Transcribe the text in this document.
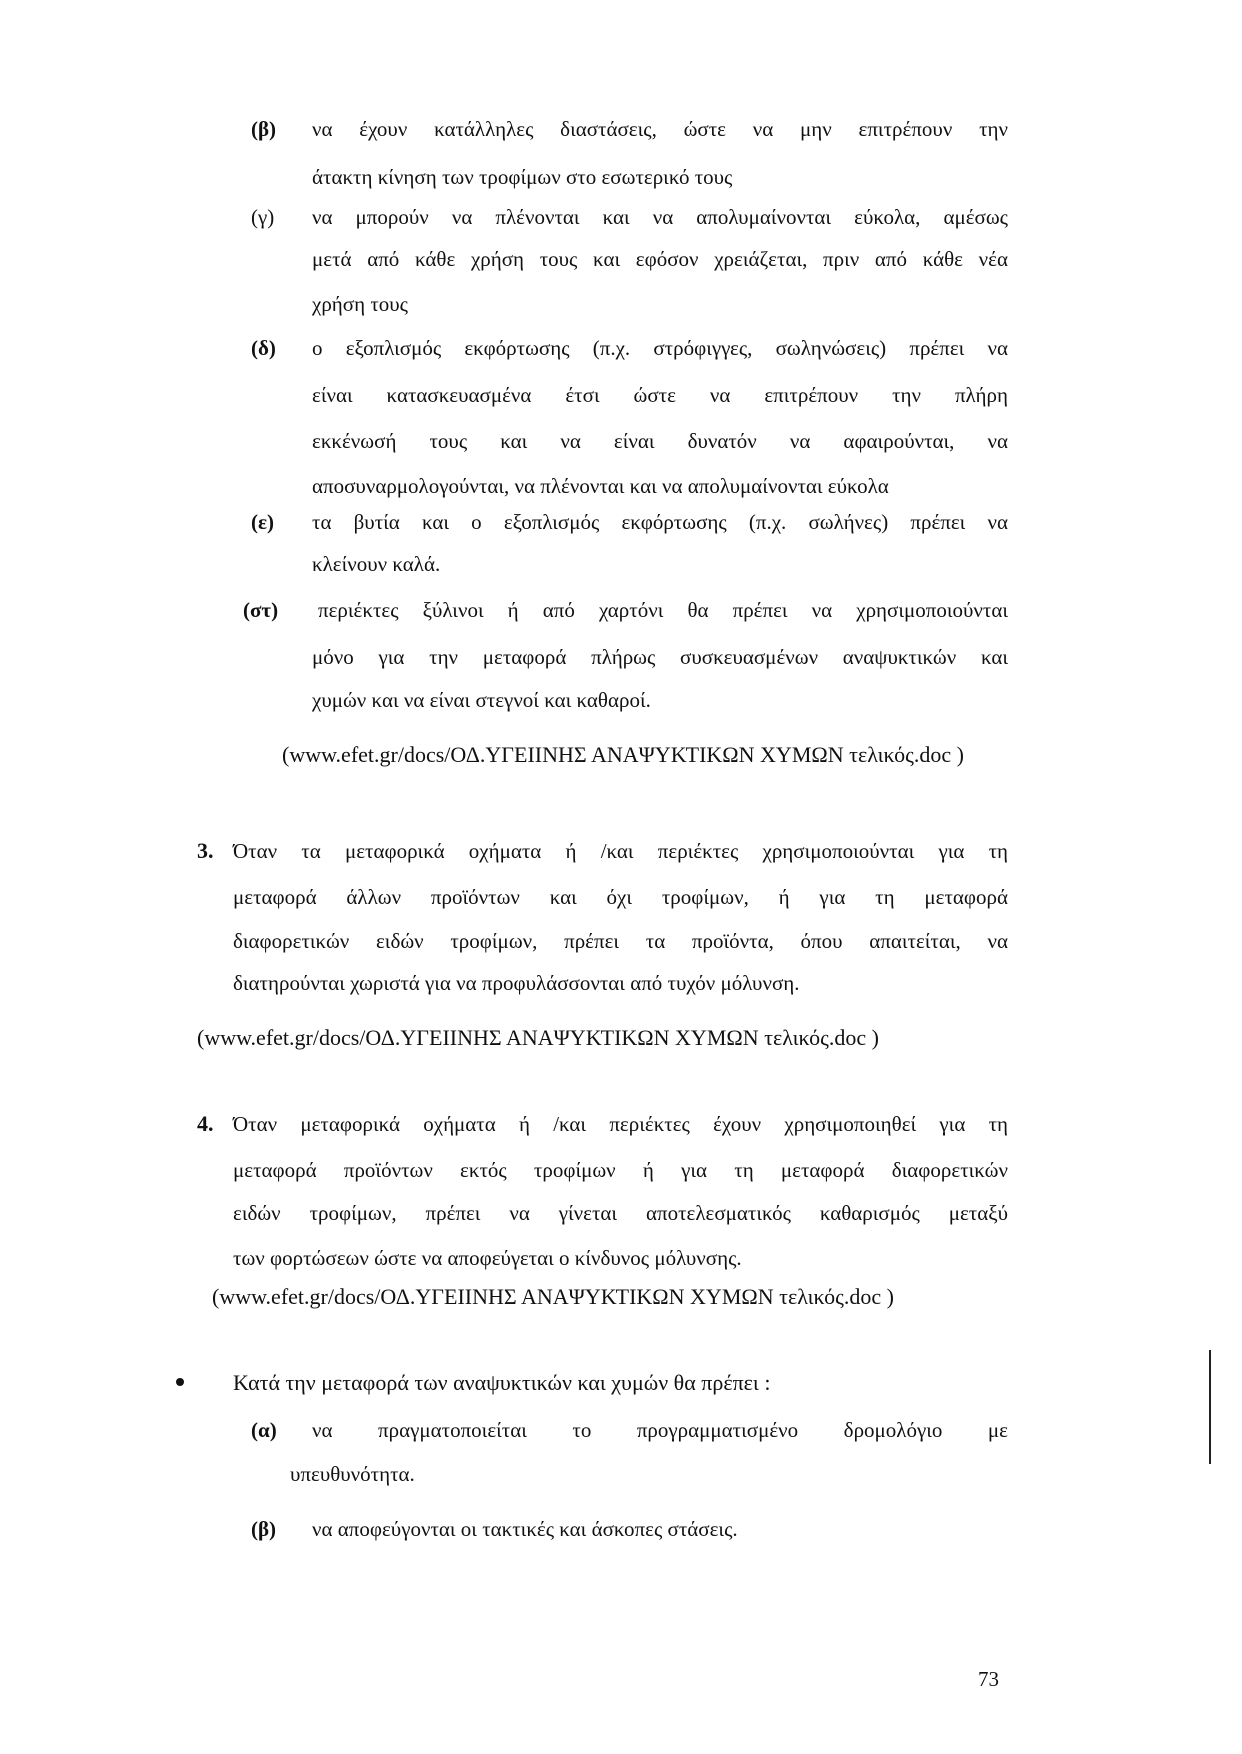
(β) να έχουν κατάλληλες διαστάσεις, ώστε να μην επιτρέπουν την
άτακτη κίνηση των τροφίμων στο εσωτερικό τους
(γ) να μπορούν να πλένονται και να απολυμαίνονται εύκολα, αμέσως
μετά από κάθε χρήση τους και εφόσον χρειάζεται, πριν από κάθε νέα
χρήση τους
(δ) ο εξοπλισμός εκφόρτωσης (π.χ. στρόφιγγες, σωληνώσεις) πρέπει να
είναι κατασκευασμένα έτσι ώστε να επιτρέπουν την πλήρη
εκκένωσή τους και να είναι δυνατόν να αφαιρούνται, να
αποσυναρμολογούνται, να πλένονται και να απολυμαίνονται εύκολα
(ε) τα βυτία και ο εξοπλισμός εκφόρτωσης (π.χ. σωλήνες) πρέπει να
κλείνουν καλά.
(στ) περιέκτες ξύλινοι ή από χαρτόνι θα πρέπει να χρησιμοποιούνται
μόνο για την μεταφορά πλήρως συσκευασμένων αναψυκτικών και
χυμών και να είναι στεγνοί και καθαροί.
(www.efet.gr/docs/ΟΔ.ΥΓΕΙΙΝΗΣ ΑΝΑΨΥΚΤΙΚΩΝ ΧΥΜΩΝ τελικός.doc )
3. Όταν τα μεταφορικά οχήματα ή /και περιέκτες χρησιμοποιούνται για τη
μεταφορά άλλων προϊόντων και όχι τροφίμων, ή για τη μεταφορά
διαφορετικών ειδών τροφίμων, πρέπει τα προϊόντα, όπου απαιτείται, να
διατηρούνται χωριστά για να προφυλάσσονται από τυχόν μόλυνση.
(www.efet.gr/docs/ΟΔ.ΥΓΕΙΙΝΗΣ ΑΝΑΨΥΚΤΙΚΩΝ ΧΥΜΩΝ τελικός.doc )
4. Όταν μεταφορικά οχήματα ή /και περιέκτες έχουν χρησιμοποιηθεί για τη
μεταφορά προϊόντων εκτός τροφίμων ή για τη μεταφορά διαφορετικών
ειδών τροφίμων, πρέπει να γίνεται αποτελεσματικός καθαρισμός μεταξύ
των φορτώσεων ώστε να αποφεύγεται ο κίνδυνος μόλυνσης.
(www.efet.gr/docs/ΟΔ.ΥΓΕΙΙΝΗΣ ΑΝΑΨΥΚΤΙΚΩΝ ΧΥΜΩΝ τελικός.doc )
Κατά την μεταφορά των αναψυκτικών και χυμών θα πρέπει :
(α) να πραγματοποιείται το προγραμματισμένο δρομολόγιο με
υπευθυνότητα.
(β) να αποφεύγονται οι τακτικές και άσκοπες στάσεις.
73
